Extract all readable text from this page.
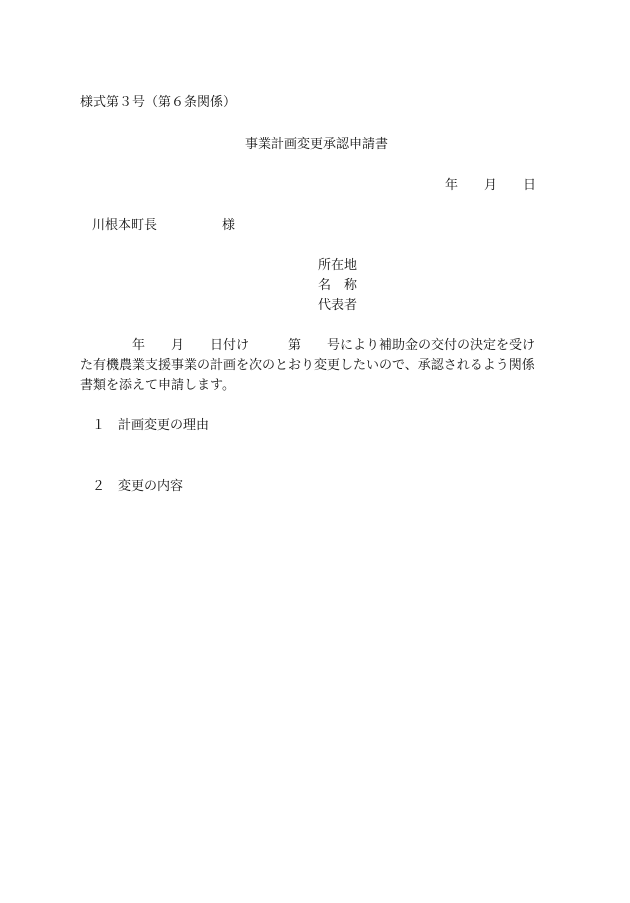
様式第３号（第６条関係）

事業計画変更承認申請書

年　　月　　日

川根本町長　　　　　様

所在地

名　称

代表者

　　　　年　　月　　日付け　　　第　　号により補助金の交付の決定を受け

た有機農業支援事業の計画を次のとおり変更したいので、承認されるよう関係

書類を添えて申請します。

１　計画変更の理由

２　変更の内容
